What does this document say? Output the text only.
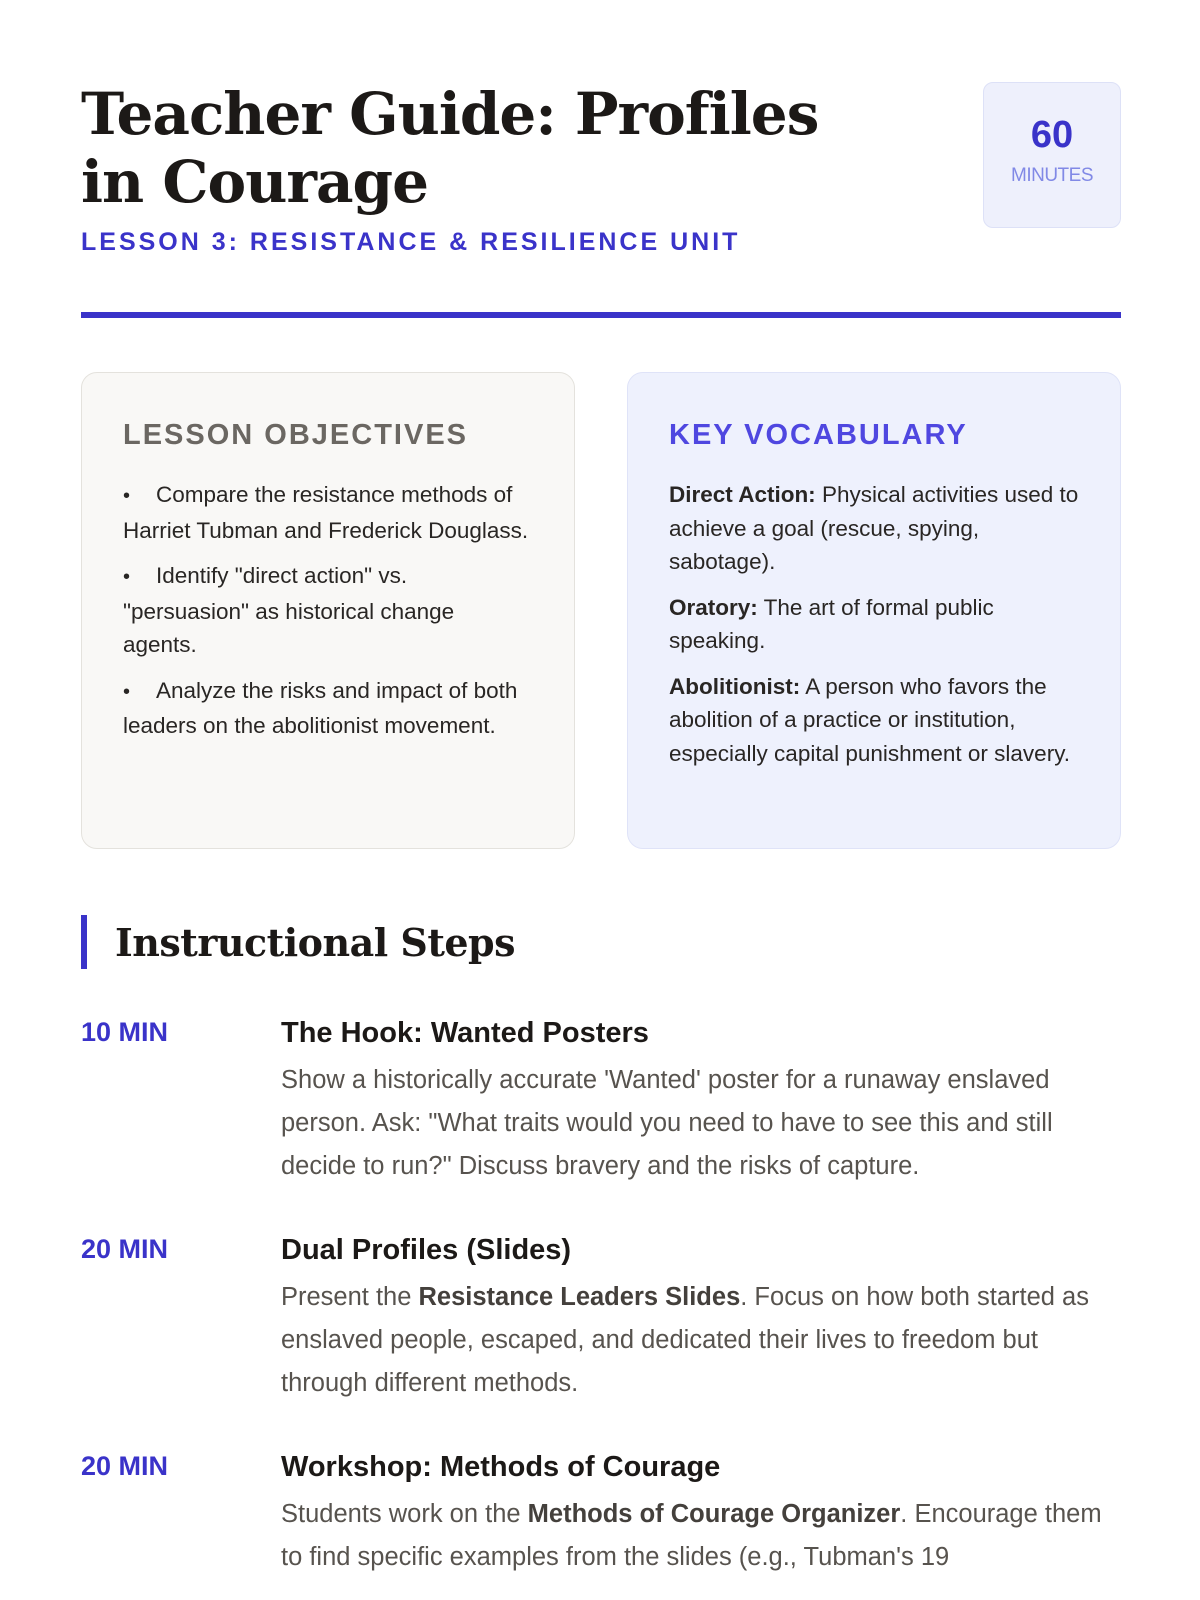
Teacher Guide: Profiles in Courage
LESSON 3: RESISTANCE & RESILIENCE UNIT
60
MINUTES
LESSON OBJECTIVES
• Compare the resistance methods of Harriet Tubman and Frederick Douglass.
• Identify "direct action" vs. "persuasion" as historical change agents.
• Analyze the risks and impact of both leaders on the abolitionist movement.
KEY VOCABULARY
Direct Action: Physical activities used to achieve a goal (rescue, spying, sabotage).
Oratory: The art of formal public speaking.
Abolitionist: A person who favors the abolition of a practice or institution, especially capital punishment or slavery.
Instructional Steps
10 MIN	The Hook: Wanted Posters
Show a historically accurate 'Wanted' poster for a runaway enslaved person. Ask: "What traits would you need to have to see this and still decide to run?" Discuss bravery and the risks of capture.
20 MIN	Dual Profiles (Slides)
Present the Resistance Leaders Slides. Focus on how both started as enslaved people, escaped, and dedicated their lives to freedom but through different methods.
20 MIN	Workshop: Methods of Courage
Students work on the Methods of Courage Organizer. Encourage them to find specific examples from the slides (e.g., Tubman's 19
